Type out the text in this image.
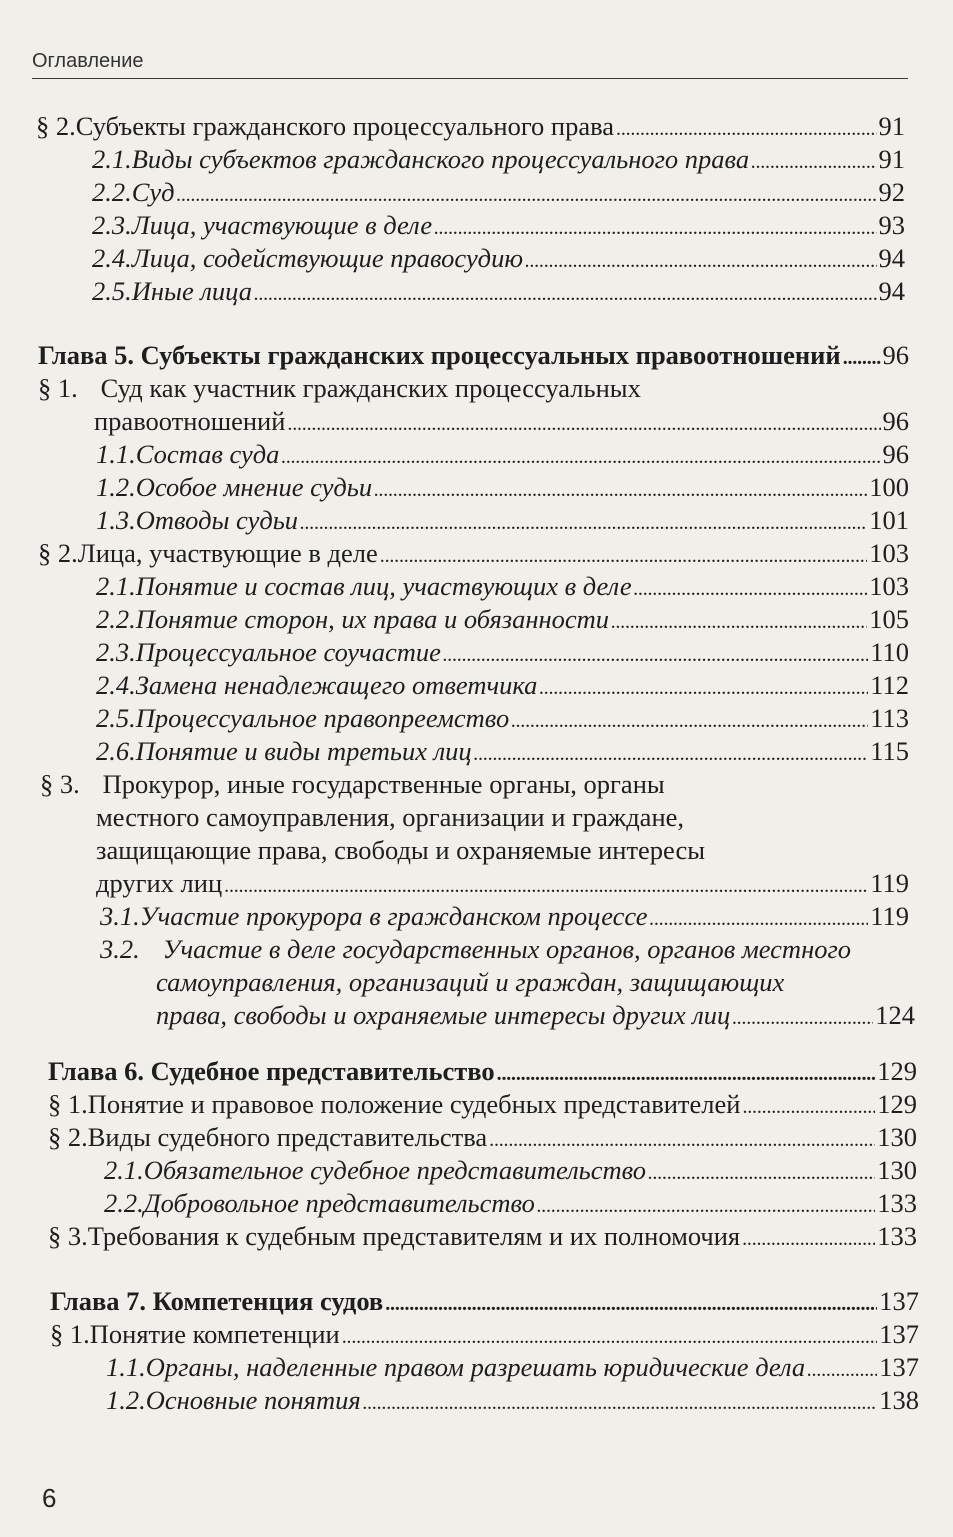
Оглавление
§ 2. Субъекты гражданского процессуального права . . .	91
2.1. Виды субъектов гражданского процессуального права . . .	91
2.2. Суд . . .	92
2.3. Лица, участвующие в деле . . .	93
2.4. Лица, содействующие правосудию . . .	94
2.5. Иные лица . . .	94
Глава 5. Субъекты гражданских процессуальных правоотношений . . . 96
§ 1. Суд как участник гражданских процессуальных
правоотношений . . .	96
1.1. Состав суда . . .	96
1.2. Особое мнение судьи . . .	100
1.3. Отводы судьи . . .	101
§ 2. Лица, участвующие в деле . . .	103
2.1. Понятие и состав лиц, участвующих в деле . . .	103
2.2. Понятие сторон, их права и обязанности . . .	105
2.3. Процессуальное соучастие . . .	110
2.4. Замена ненадлежащего ответчика . . .	112
2.5. Процессуальное правопреемство . . .	113
2.6. Понятие и виды третьих лиц . . .	115
§ 3. Прокурор, иные государственные органы, органы
местного самоуправления, организации и граждане,
защищающие права, свободы и охраняемые интересы
других лиц . . .	119
3.1. Участие прокурора в гражданском процессе . . .	119
3.2. Участие в деле государственных органов, органов местного
самоуправления, организаций и граждан, защищающих
права, свободы и охраняемые интересы других лиц . . .	124
Глава 6. Судебное представительство . . .	129
§ 1. Понятие и правовое положение судебных представителей . . .	129
§ 2. Виды судебного представительства . . .	130
2.1. Обязательное судебное представительство . . .	130
2.2. Добровольное представительство . . .	133
§ 3. Требования к судебным представителям и их полномочия . . .	133
Глава 7. Компетенция судов . . .	137
§ 1. Понятие компетенции . . .	137
1.1. Органы, наделенные правом разрешать юридические дела . . .	137
1.2. Основные понятия . . .	138
6
